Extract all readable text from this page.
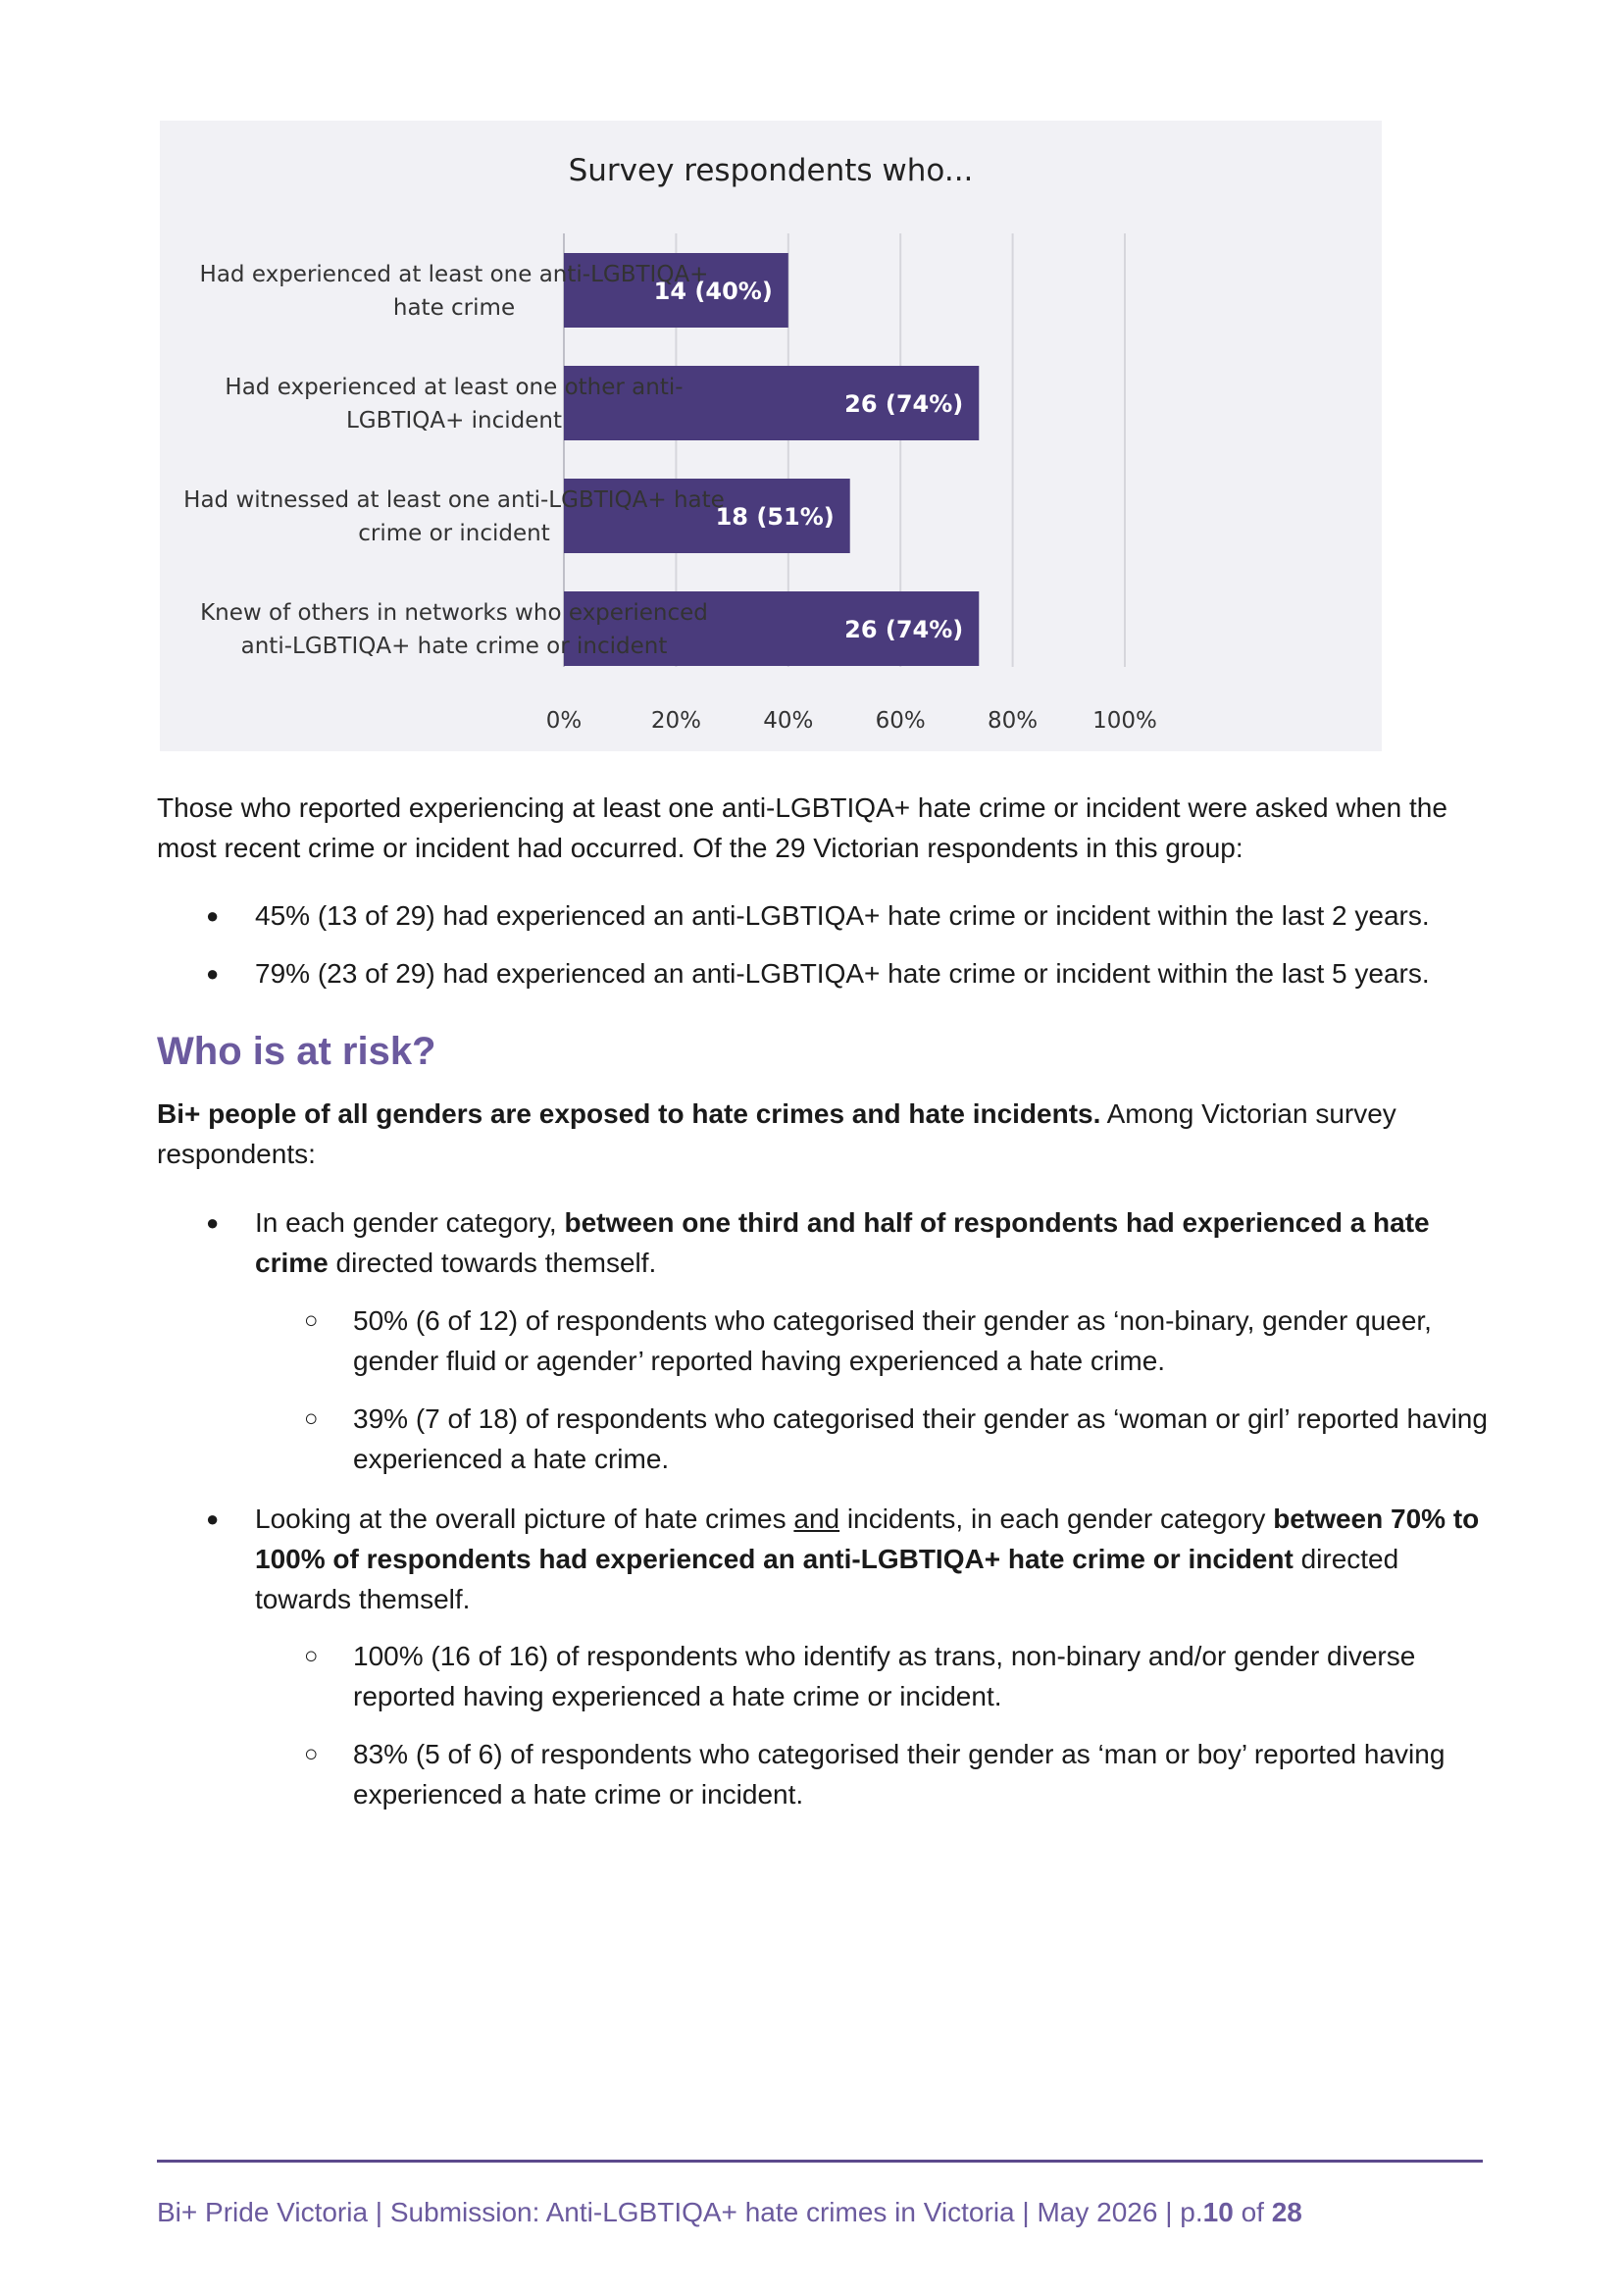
Survey respondents who...
14 (40%)
26 (74%)
18 (51%)
26 (74%)
Had experienced at least one anti-LGBTIQA+
hate crime
Had experienced at least one other anti-
LGBTIQA+ incident
Had witnessed at least one anti-LGBTIQA+ hate
crime or incident
Knew of others in networks who experienced
anti-LGBTIQA+ hate crime or incident
0%	20%	40%	60%	80% 100%

Those who reported experiencing at least one anti-LGBTIQA+ hate crime or incident were asked when the most recent crime or incident had occurred. Of the 29 Victorian respondents in this group:

● 45% (13 of 29) had experienced an anti-LGBTIQA+ hate crime or incident within the last 2 years.

● 79% (23 of 29) had experienced an anti-LGBTIQA+ hate crime or incident within the last 5 years.

Who is at risk?

Bi+ people of all genders are exposed to hate crimes and hate incidents. Among Victorian survey respondents:

● In each gender category, between one third and half of respondents had experienced a hate crime directed towards themself.

○ 50% (6 of 12) of respondents who categorised their gender as ‘non-binary, gender queer, gender fluid or agender’ reported having experienced a hate crime.

○ 39% (7 of 18) of respondents who categorised their gender as ‘woman or girl’ reported having experienced a hate crime.

● Looking at the overall picture of hate crimes and incidents, in each gender category between 70% to 100% of respondents had experienced an anti-LGBTIQA+ hate crime or incident directed towards themself.

○ 100% (16 of 16) of respondents who identify as trans, non-binary and/or gender diverse reported having experienced a hate crime or incident.

○ 83% (5 of 6) of respondents who categorised their gender as ‘man or boy’ reported having experienced a hate crime or incident.

Bi+ Pride Victoria | Submission: Anti-LGBTIQA+ hate crimes in Victoria | May 2026 | p.10 of 28
